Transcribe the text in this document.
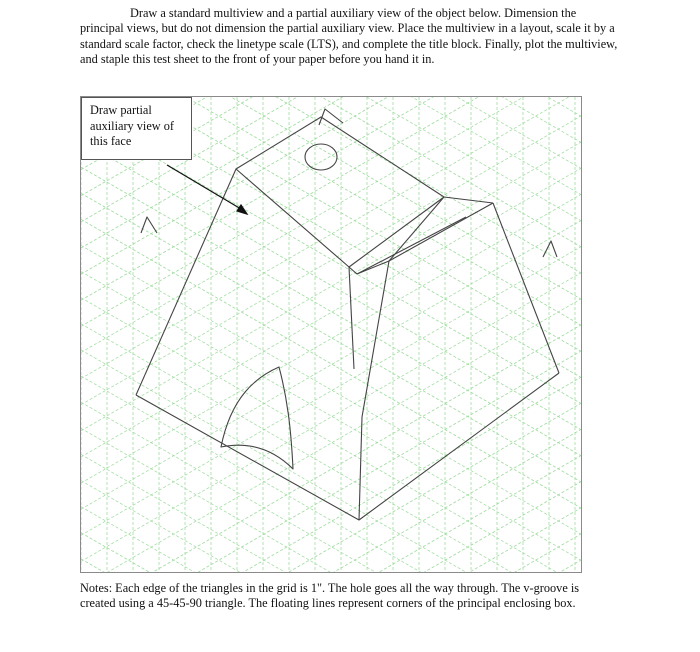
Draw a standard multiview and a partial auxiliary view of the object below. Dimension the principal views, but do not dimension the partial auxiliary view. Place the multiview in a layout, scale it by a standard scale factor, check the linetype scale (LTS), and complete the title block. Finally, plot the multiview, and staple this test sheet to the front of your paper before you hand it in.

Draw partial
auxiliary view of
this face

Notes: Each edge of the triangles in the grid is 1". The hole goes all the way through. The v-groove is created using a 45-45-90 triangle. The floating lines represent corners of the principal enclosing box.
